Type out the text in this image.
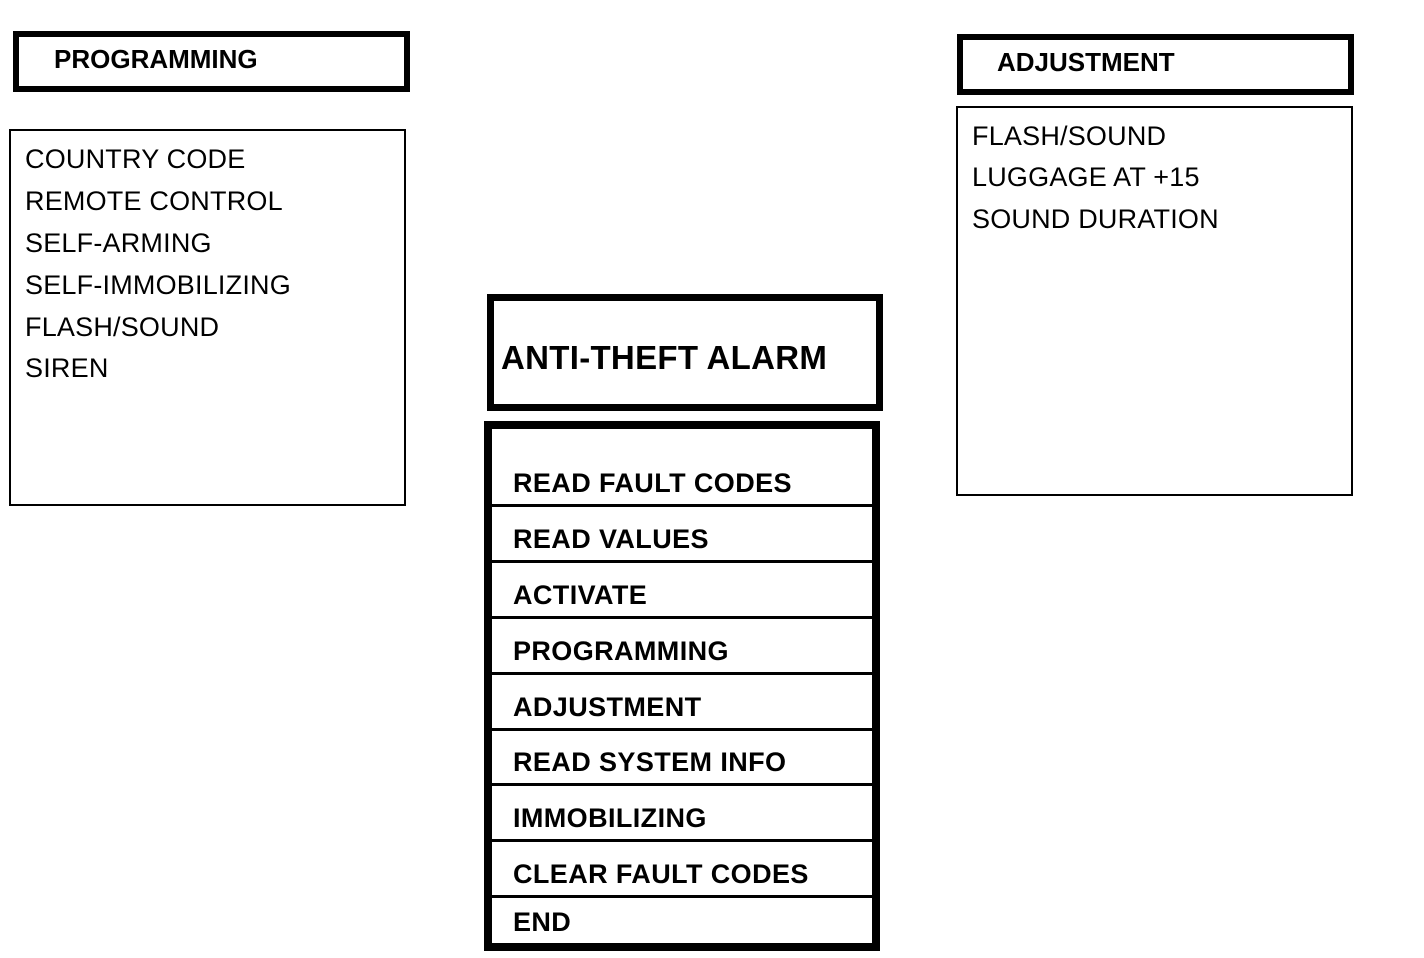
PROGRAMMING
COUNTRY CODE
REMOTE CONTROL
SELF-ARMING
SELF-IMMOBILIZING
FLASH/SOUND
SIREN
ADJUSTMENT
FLASH/SOUND
LUGGAGE AT +15
SOUND DURATION
ANTI-THEFT ALARM
READ FAULT CODES
READ VALUES
ACTIVATE
PROGRAMMING
ADJUSTMENT
READ SYSTEM INFO
IMMOBILIZING
CLEAR FAULT CODES
END
